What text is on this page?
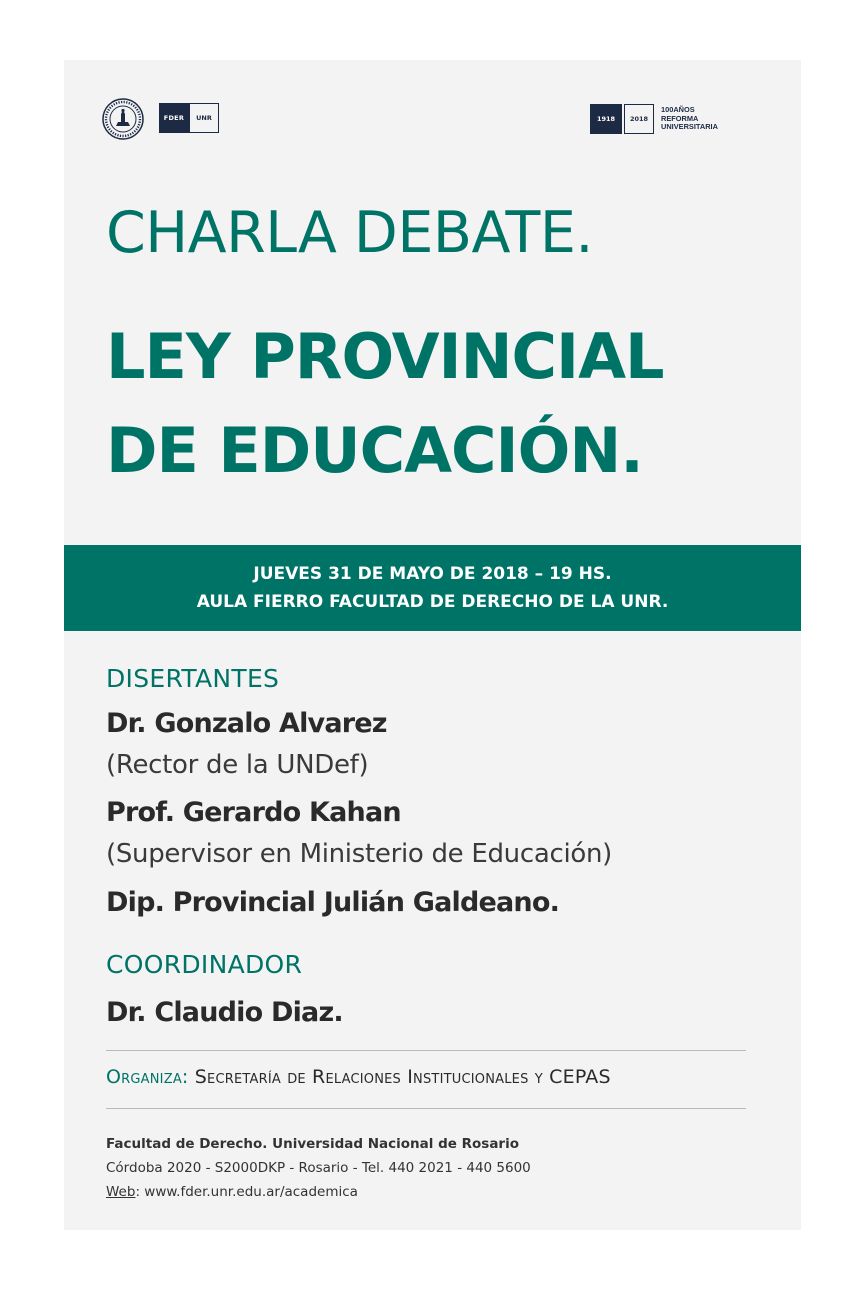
FDER	UNR	1918	2018
100AÑOS
REFORMA
UNIVERSITARIA
CHARLA DEBATE.
LEY PROVINCIAL
DE EDUCACIÓN.
JUEVES 31 DE MAYO DE 2018 – 19 HS.
AULA FIERRO FACULTAD DE DERECHO DE LA UNR.
DISERTANTES
Dr. Gonzalo Alvarez
(Rector de la UNDef)
Prof. Gerardo Kahan
(Supervisor en Ministerio de Educación)
Dip. Provincial Julián Galdeano.
COORDINADOR
Dr. Claudio Diaz.
Organiza: Secretaría de Relaciones Institucionales y CEPAS
Facultad de Derecho. Universidad Nacional de Rosario
Córdoba 2020 - S2000DKP - Rosario - Tel. 440 2021 - 440 5600
Web: www.fder.unr.edu.ar/academica
